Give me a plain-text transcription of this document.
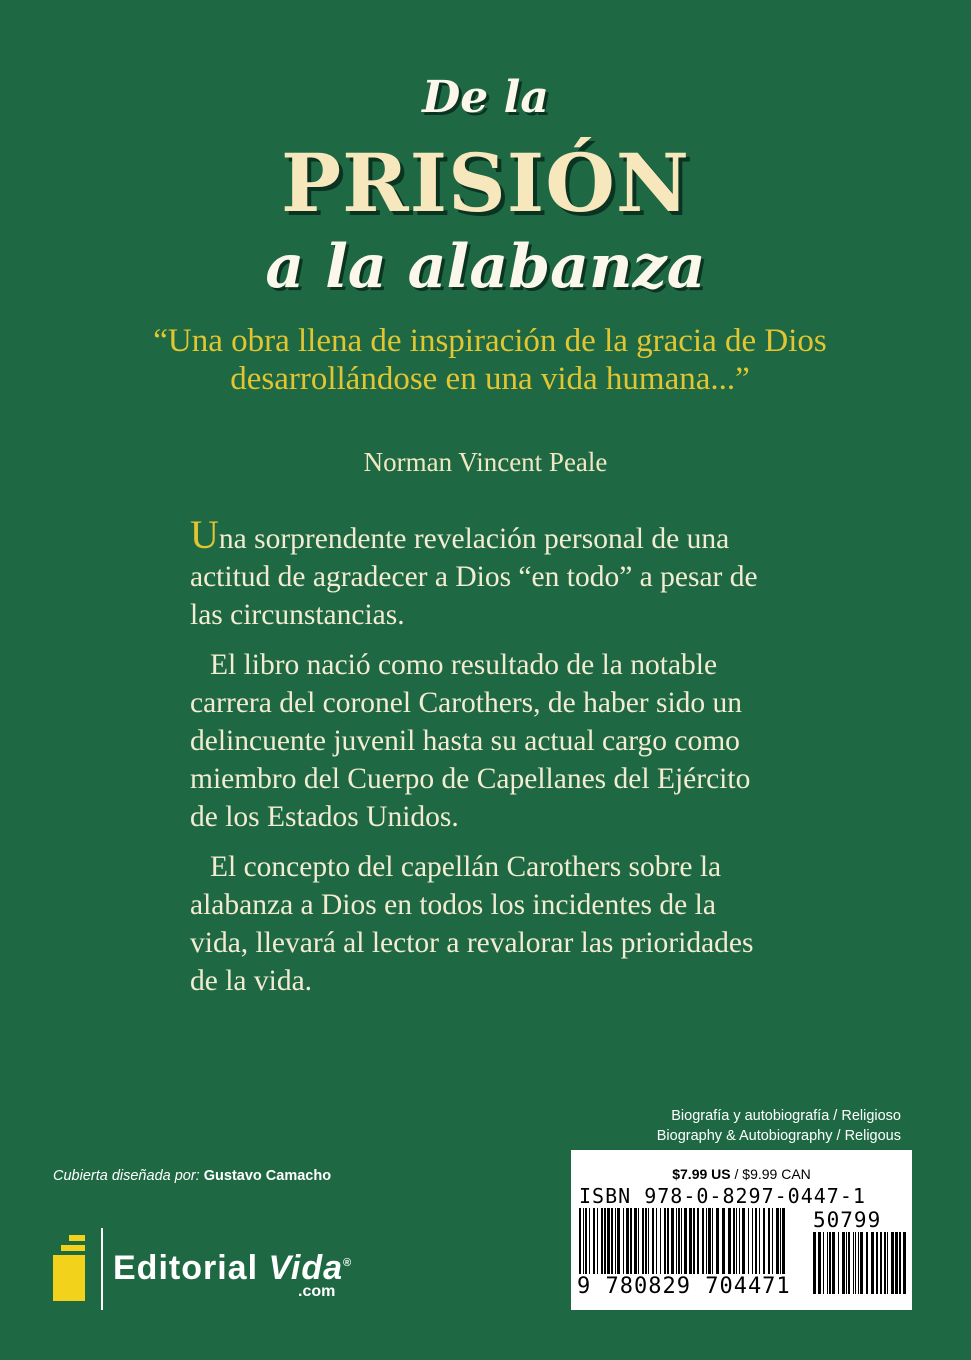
De la
PRISIÓN
a la alabanza
“Una obra llena de inspiración de la gracia de Dios desarrollándose en una vida humana...”
Norman Vincent Peale

Una sorprendente revelación personal de una actitud de agradecer a Dios “en todo” a pesar de las circunstancias.

El libro nació como resultado de la notable carrera del coronel Carothers, de haber sido un delincuente juvenil hasta su actual cargo como miembro del Cuerpo de Capellanes del Ejército de los Estados Unidos.

El concepto del capellán Carothers sobre la alabanza a Dios en todos los incidentes de la vida, llevará al lector a revalorar las prioridades de la vida.

Biografía y autobiografía / Religioso
Biography & Autobiography / Religous
Cubierta diseñada por: Gustavo Camacho
Editorial Vida®
.com
$7.99 US / $9.99 CAN
ISBN 978-0-8297-0447-1
9 780829 704471
50799
